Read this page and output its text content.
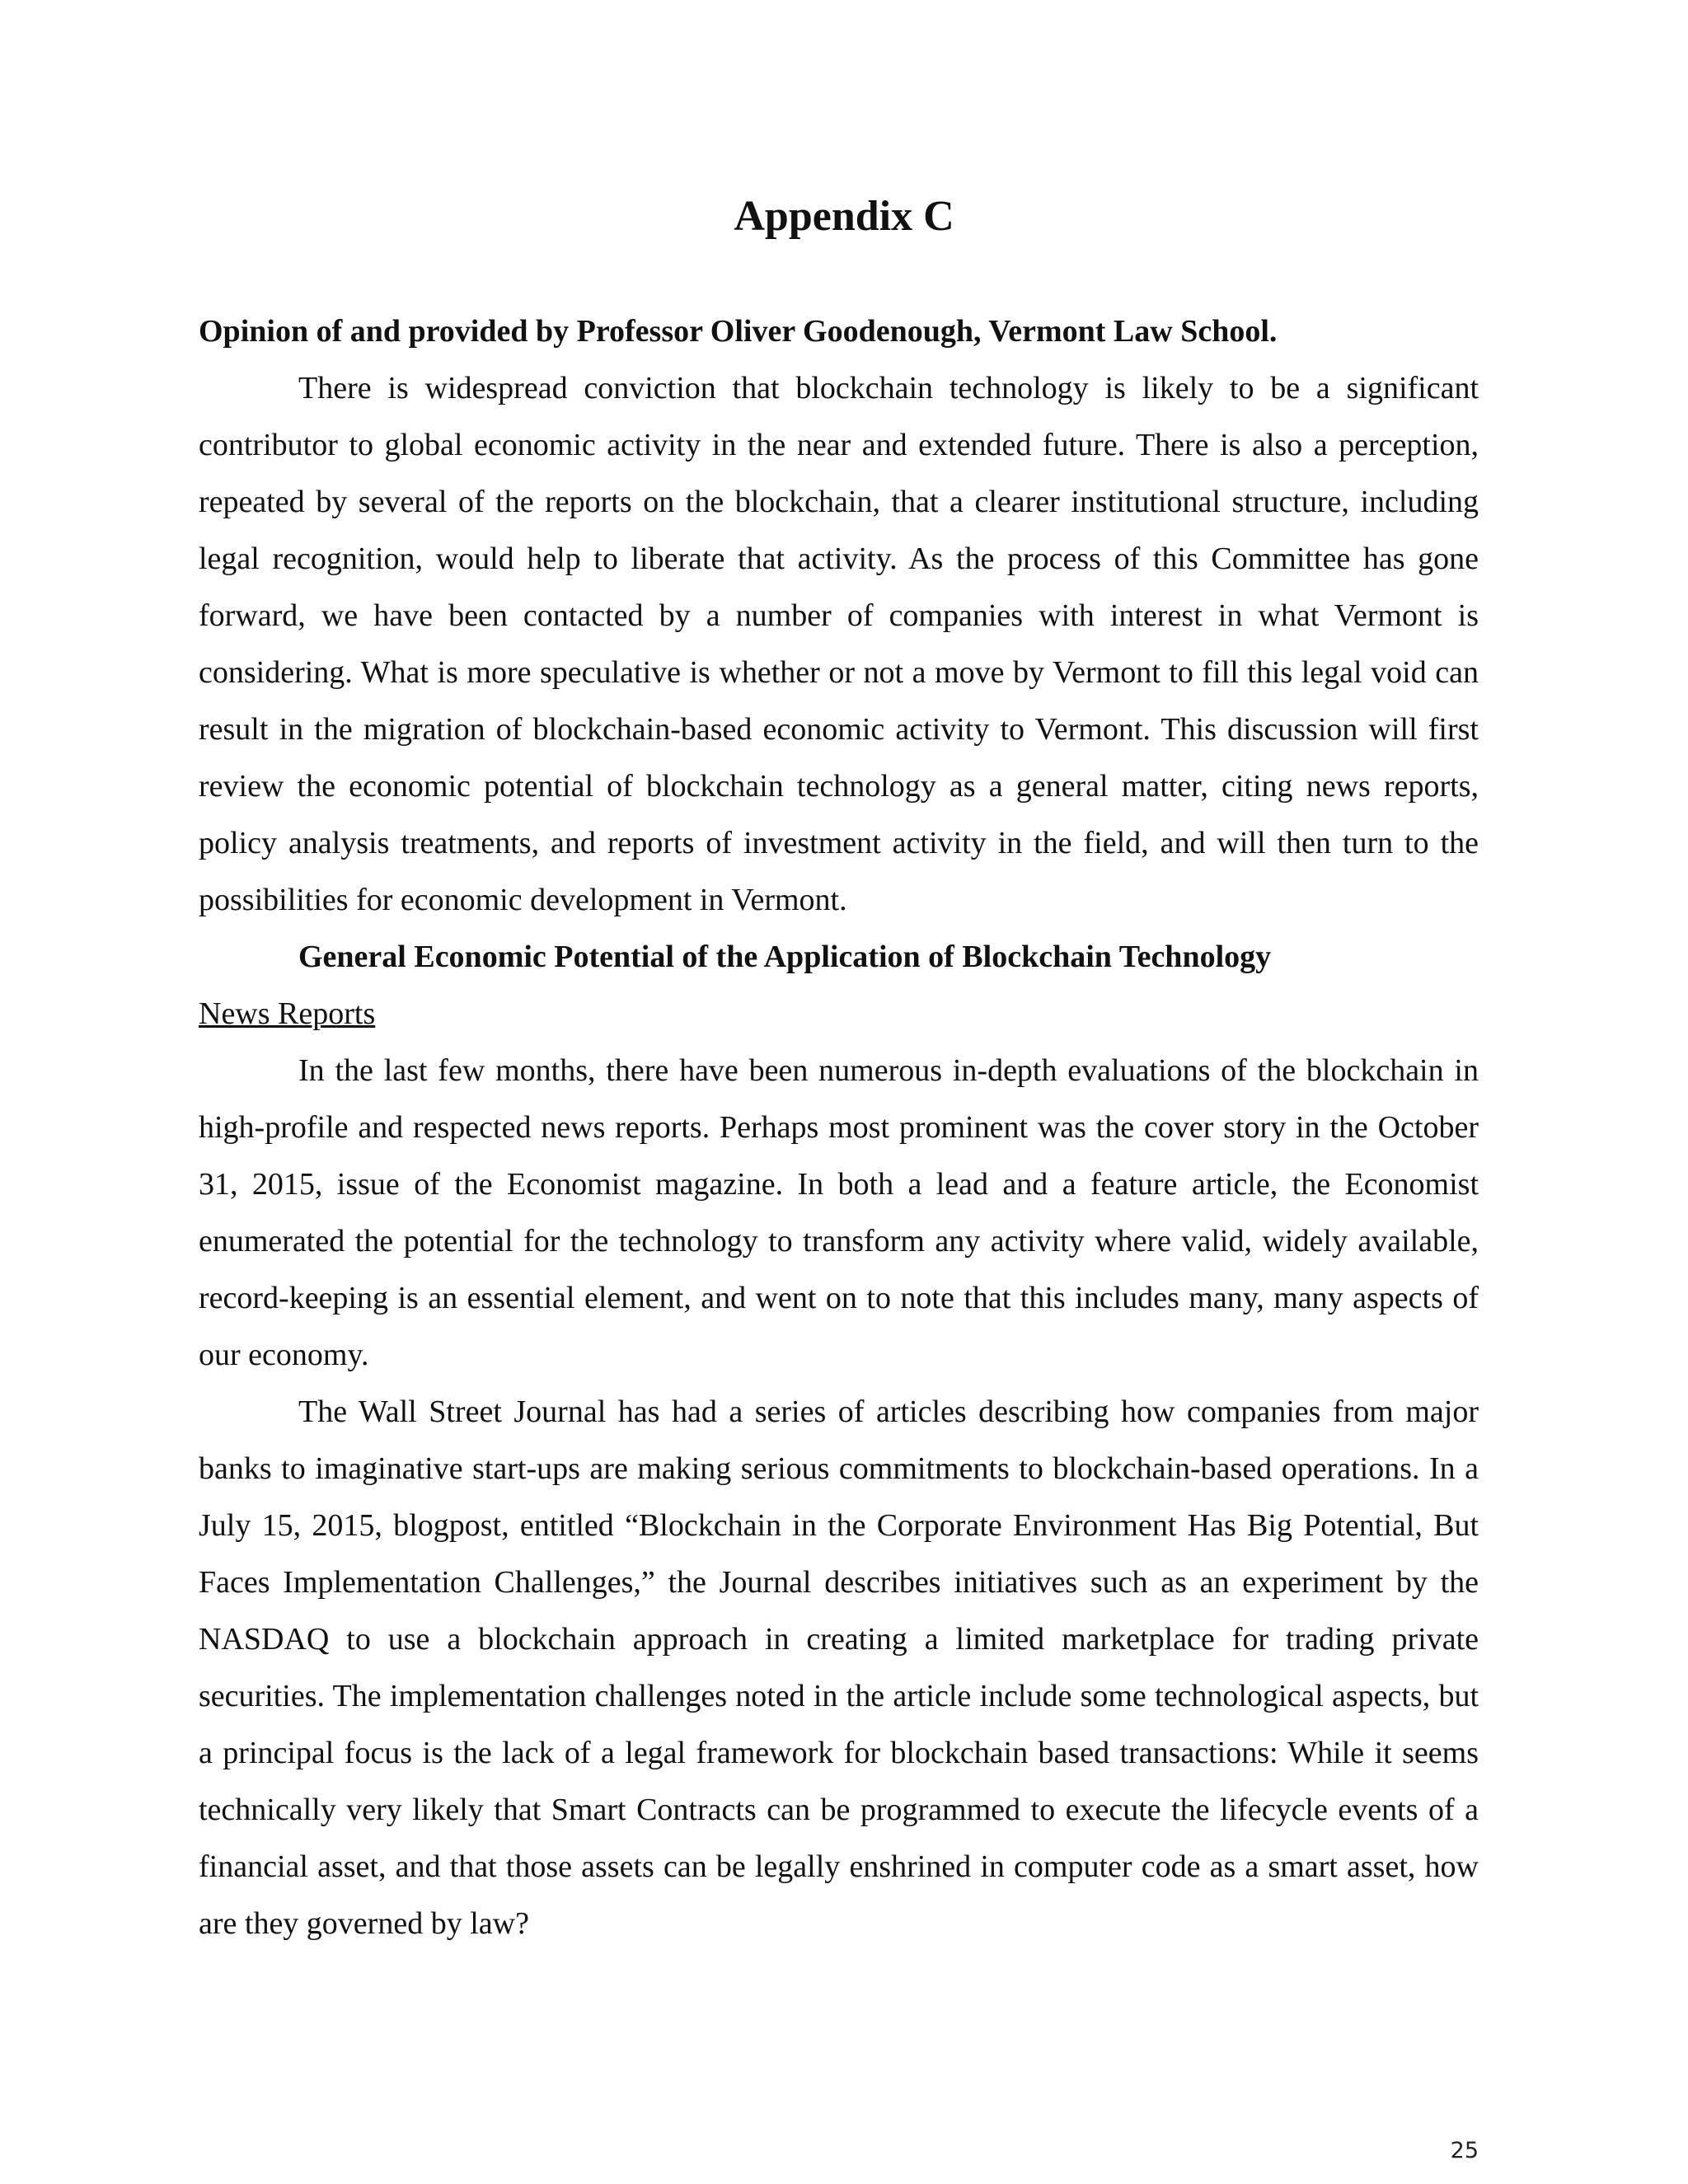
Appendix C

Opinion of and provided by Professor Oliver Goodenough, Vermont Law School.

There is widespread conviction that blockchain technology is likely to be a significant contributor to global economic activity in the near and extended future. There is also a perception, repeated by several of the reports on the blockchain, that a clearer institutional structure, including legal recognition, would help to liberate that activity. As the process of this Committee has gone forward, we have been contacted by a number of companies with interest in what Vermont is considering. What is more speculative is whether or not a move by Vermont to fill this legal void can result in the migration of blockchain-based economic activity to Vermont. This discussion will first review the economic potential of blockchain technology as a general matter, citing news reports, policy analysis treatments, and reports of investment activity in the field, and will then turn to the possibilities for economic development in Vermont.

General Economic Potential of the Application of Blockchain Technology

News Reports

In the last few months, there have been numerous in-depth evaluations of the blockchain in high-profile and respected news reports. Perhaps most prominent was the cover story in the October 31, 2015, issue of the Economist magazine. In both a lead and a feature article, the Economist enumerated the potential for the technology to transform any activity where valid, widely available, record-keeping is an essential element, and went on to note that this includes many, many aspects of our economy.

The Wall Street Journal has had a series of articles describing how companies from major banks to imaginative start-ups are making serious commitments to blockchain-based operations. In a July 15, 2015, blogpost, entitled “Blockchain in the Corporate Environment Has Big Potential, But Faces Implementation Challenges,” the Journal describes initiatives such as an experiment by the NASDAQ to use a blockchain approach in creating a limited marketplace for trading private securities. The implementation challenges noted in the article include some technological aspects, but a principal focus is the lack of a legal framework for blockchain based transactions: While it seems technically very likely that Smart Contracts can be programmed to execute the lifecycle events of a financial asset, and that those assets can be legally enshrined in computer code as a smart asset, how are they governed by law?

25
